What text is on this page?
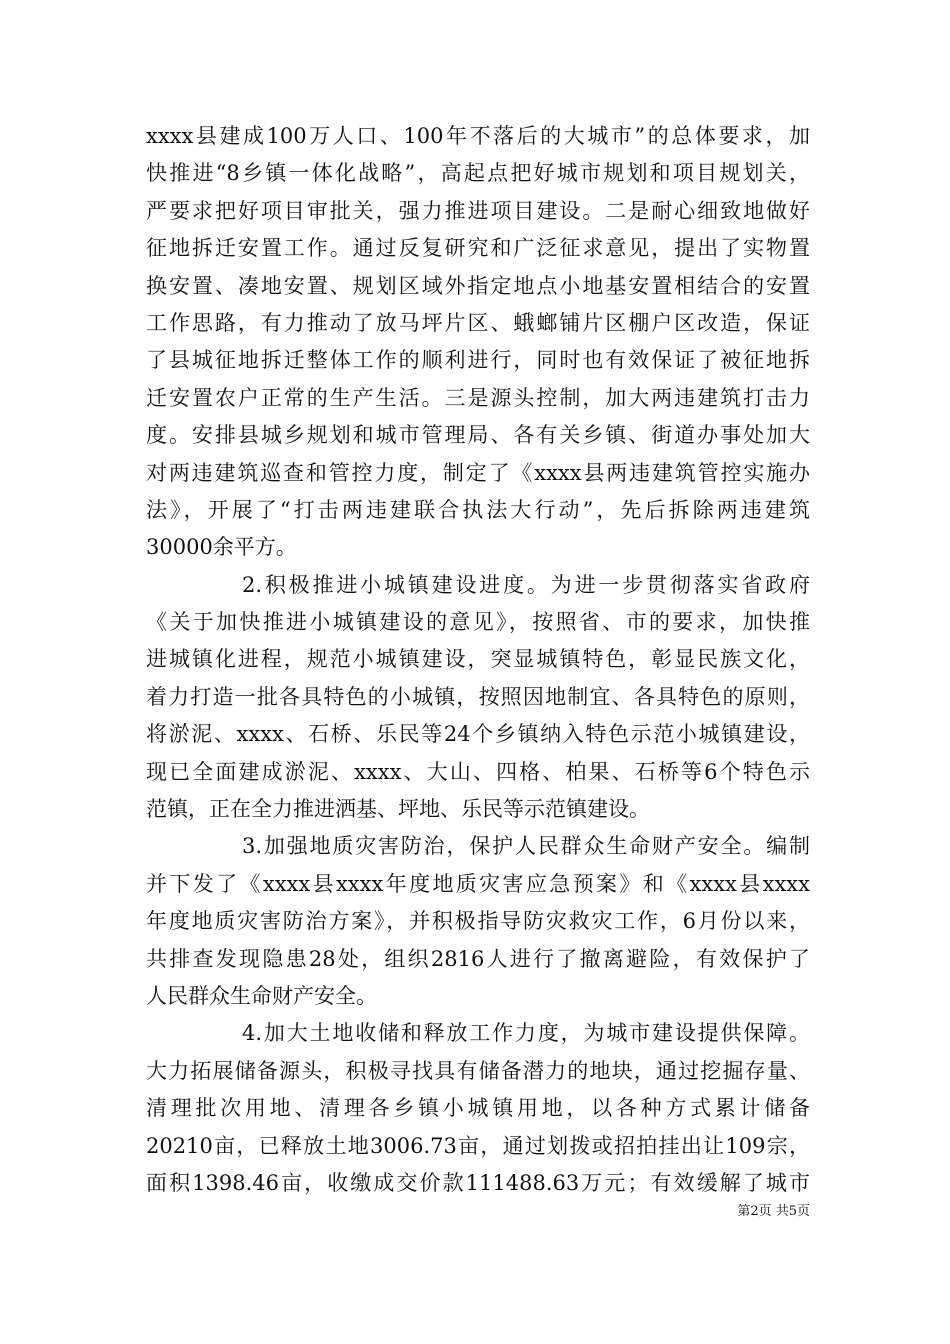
xxxx县建成100万人口、100年不落后的大城市”的总体要求，加
快推进“8乡镇一体化战略”，高起点把好城市规划和项目规划关，
严要求把好项目审批关，强力推进项目建设。二是耐心细致地做好
征地拆迁安置工作。通过反复研究和广泛征求意见，提出了实物置
换安置、凑地安置、规划区域外指定地点小地基安置相结合的安置
工作思路，有力推动了放马坪片区、蛾螂铺片区棚户区改造，保证
了县城征地拆迁整体工作的顺利进行，同时也有效保证了被征地拆
迁安置农户正常的生产生活。三是源头控制，加大两违建筑打击力
度。安排县城乡规划和城市管理局、各有关乡镇、街道办事处加大
对两违建筑巡查和管控力度，制定了《xxxx县两违建筑管控实施办
法》，开展了“打击两违建联合执法大行动”，先后拆除两违建筑
30000余平方。
2.积极推进小城镇建设进度。为进一步贯彻落实省政府
《关于加快推进小城镇建设的意见》，按照省、市的要求，加快推
进城镇化进程，规范小城镇建设，突显城镇特色，彰显民族文化，
着力打造一批各具特色的小城镇，按照因地制宜、各具特色的原则，
将淤泥、xxxx、石桥、乐民等24个乡镇纳入特色示范小城镇建设，
现已全面建成淤泥、xxxx、大山、四格、柏果、石桥等6个特色示
范镇，正在全力推进洒基、坪地、乐民等示范镇建设。
3.加强地质灾害防治，保护人民群众生命财产安全。编制
并下发了《xxxx县xxxx年度地质灾害应急预案》和《xxxx县xxxx
年度地质灾害防治方案》，并积极指导防灾救灾工作，6月份以来，
共排查发现隐患28处，组织2816人进行了撤离避险，有效保护了
人民群众生命财产安全。
4.加大土地收储和释放工作力度，为城市建设提供保障。
大力拓展储备源头，积极寻找具有储备潜力的地块，通过挖掘存量、
清理批次用地、清理各乡镇小城镇用地，以各种方式累计储备
20210亩，已释放土地3006.73亩，通过划拨或招拍挂出让109宗，
面积1398.46亩，收缴成交价款111488.63万元；有效缓解了城市
第2页 共5页
